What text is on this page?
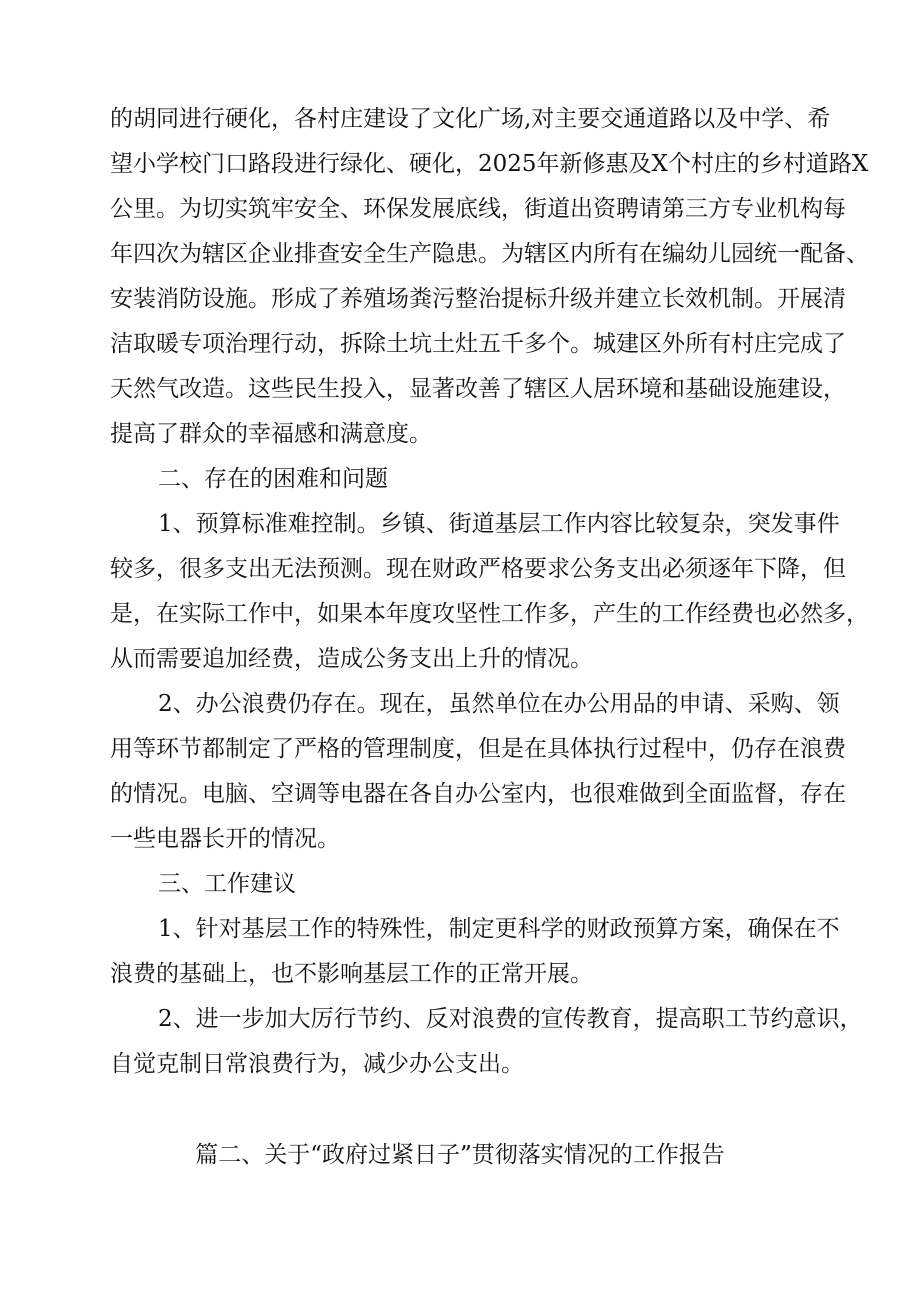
的胡同进行硬化，各村庄建设了文化广场,对主要交通道路以及中学、希
望小学校门口路段进行绿化、硬化，2025年新修惠及X个村庄的乡村道路X
公里。为切实筑牢安全、环保发展底线，街道出资聘请第三方专业机构每
年四次为辖区企业排查安全生产隐患。为辖区内所有在编幼儿园统一配备、
安装消防设施。形成了养殖场粪污整治提标升级并建立长效机制。开展清
洁取暖专项治理行动，拆除土坑土灶五千多个。城建区外所有村庄完成了
天然气改造。这些民生投入，显著改善了辖区人居环境和基础设施建设，
提高了群众的幸福感和满意度。
二、存在的困难和问题
1、预算标准难控制。乡镇、街道基层工作内容比较复杂，突发事件
较多，很多支出无法预测。现在财政严格要求公务支出必须逐年下降，但
是，在实际工作中，如果本年度攻坚性工作多，产生的工作经费也必然多，
从而需要追加经费，造成公务支出上升的情况。
2、办公浪费仍存在。现在，虽然单位在办公用品的申请、采购、领
用等环节都制定了严格的管理制度，但是在具体执行过程中，仍存在浪费
的情况。电脑、空调等电器在各自办公室内，也很难做到全面监督，存在
一些电器长开的情况。
三、工作建议
1、针对基层工作的特殊性，制定更科学的财政预算方案，确保在不
浪费的基础上，也不影响基层工作的正常开展。
2、进一步加大厉行节约、反对浪费的宣传教育，提高职工节约意识，
自觉克制日常浪费行为，减少办公支出。
篇二、关于“政府过紧日子”贯彻落实情况的工作报告
